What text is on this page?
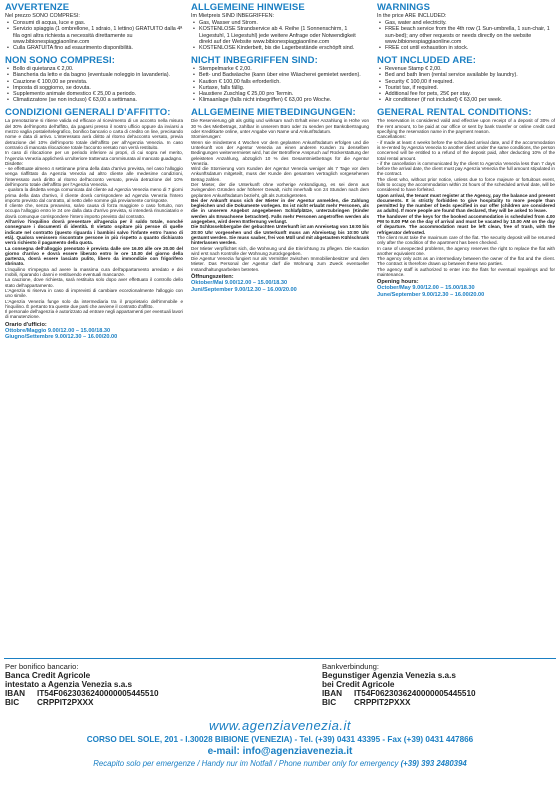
AVVERTENZE
Nel prezzo SONO COMPRESI:
• Consumi di acqua, luce e gas.
• Servizio spiaggia (1 ombrellone, 1 sdraio, 1 lettino) GRATUITO dalla 4ª fila ogni altra richiesta a necessità direttamente su www.bibionespiaggiaonline.com
• Culla GRATUITA fino ad esaurimento disponibilità.
NON SONO COMPRESI:
• Bollo di quietanza € 2,00.
• Biancheria da letto e da bagno (eventuale noleggio in lavanderia).
• Cauzione € 100,00 se prevista.
• Imposta di soggiorno, se dovuta.
• Supplemento animale domestico € 25,00 a periodo.
• Climatizzatore (se non incluso) € 63,00 a settimana.
CONDIZIONI GENERALI D'AFFITTO:

La prenotazione si ritiene valida ed efficace al ricevimento di un acconto nella misura del 30% dell'importo dell'affitto, da pagarsi presso il nostro ufficio oppure da inviarsi a mezzo vaglia postale/telegrafico, bonifico bancario o carta di credito on line, precisando nome e data di arrivo. L'interessato avrà diritto al ritorno del'acconto versato, previa detrazione del 10% dell'importo totale dell'affitto per all'Agenzia Venezia. In caso contrario di mancata rilocazione totale l'acconto versato non verrà restituito.

In caso di rilocazione per un periodo inferiore ai propri, di cui sopra nel merito, l'Agenzia Venezia applicherà un'ulteriore trattenuta commisurata al mancato guadagno.

Disdette:

- se effettuate almeno 4 settimane prima della data d'arrivo prevista, nel caso l'alloggio venga riaffittato da Agenzia Venezia ad altro cliente alle medesime condizioni, l'interessato avrà diritto al ritorno dell'acconto versato, previa detrazione del 10% dell'importo totale dell'affitto per l'Agenzia Venezia.

- qualora la disdetta venga comunicata dal cliente ad Agenzia Venezia meno di 7 giorni prima della data d'arrivo, il cliente dovrà corrispondere ad Agenzia Venezia l'intero importo previsto dal contratto, al netto delle somme già previamente corrisposte.

Il cliente che, senza preavviso, salvo causa di forza maggiore o caso fortuito, non occupa l'alloggio entro le 24 ore dalla data d'arrivo prevista, si intenderà rinunciatario e dovrà comunque corrispondere l'intero importo previsto dal contratto.

All'arrivo l'inquilino dovrà presentare all'agenzia per il saldo totale, nonché consegnare i documenti di identità. È vietato ospitare più persoe di quelle indicate nel contratto (questo riguarda i bambini salvo l'infante entro l'anno di età). Qualora venissero riscontrate persone in più rispetto a quanto dichiarato verrà richiesto il pagamento della quota.

La consegna dell'alloggio prenotato è prevista dalle ore 16.00 alle ore 20.00 del giorno d'arrivo e dovrà essere liberato entro le ore 10.00 del giorno della partenza, dovrà essere lasciato pulito, libero da immondizie con frigorifero sbrinato.

L'inquilino s'impegna ad avere la massima cura dell'appartamento arredato e dei mobili, riparando i danni e restituendo eventuali mancanze.

La cauzione, dove richiesta, sarà restituita solo dopo aver effettuato il controllo dello stato dell'appartamento.

L'Agenzia si riserva in caso di imprevisti di cambiare eccezionalmente l'alloggio con uno simile.

L'Agenzia Venezia funge solo da intermediaria tra il proprietario dell'immobile e l'inquilino. È pertanto tra queste due parti che avviene il contratto d'affitto.

Il personale dell'agenzia è autorizzato ad entrare negli appartamenti per eventuali lavori di manutenzione.

Orario d'ufficio:
Ottobre/Maggio 9.00/12.00 – 15.00/18.30
Giugno/Settembre 9.00/12.30 – 16.00/20.00
ALLGEMEINE HINWEISE
Im Mietpreis SIND INBEGRIFFEN:
• Gas, Wasser und Strom.
• KOSTENLOSE Strandservice ab 4. Reihe (1 Sonnenschirm, 1 Liegestuhl, 1 Liegestuhl) jede weitere Anfrage oder Notwendigkeit direkt auf der Website www.bibionespiaggiaonline.com
• KOSTENLOSE Kinderbett, bis die Lagerbestände erschöpft sind.
NICHT INBEGRIFFEN SIND:
• Stempelmarke € 2,00.
• Bett- und Badwäsche (kann über eine Wäscherei gemietet werden).
• Kaution € 100,00 falls erforderlich.
• Kurtaxe, falls fällig.
• Haustiere Zuschlag € 25,00 pro Termin.
• Klimaanlage (falls nicht inbegriffen) € 63,00 pro Woche.
ALLGEMEINE MIETBEDINGUNGEN:

Die Reservierung gilt als gültig und wirksam nach Erhalt einer Anzahlung in Höhe von 30 % des Mietbetrags, zahlbar in unserem Büro oder zu senden per Bankübertragung oder Kreditkarte online, unter Angabe von Name und Ankunftsdatum.

Stornierungen:

Wenn sie mindestens 4 Wochen vor dem geplanten Ankunftsdatum erfolgen und die Unterkunft von der Agentur Venezia an einen anderen Kunden zu denselben Bedingungen weitervermietet wird, hat der Betroffene Anspruch auf Rückerstattung der geleisteten Anzahlung, abzüglich 10 % des Gesamtmietbetrags für die Agentur Venezia.

Wird die Stornierung vom Kunden der Agentur Venezia weniger als 7 Tage vor dem Ankunftsdatum mitgeteilt, muss der Kunde den gesamten vertraglich vorgesehenen Betrag zahlen.

Der Mieter, der die Unterkunft ohne vorherige Ankündigung, es sei denn aus zwingenden Gründen oder höherer Gewalt, nicht innerhalb von 24 Stunden nach dem geplanten Ankunftsdatum bezieht, gilt als zurückgetreten.

Bei der Ankunft muss sich der Mieter in der Agentur anmelden, die Zahlung begleichen und die Dokumente vorlegen. Es ist nicht erlaubt mehr Personen, als die in unserem Angebot angegebenen Schlafplätze, unterzubringen (Kinder werden als Erwachsene betrachtet). Falls mehr Personen angetroffen werden als angegeben, wird deren Entfernung verlangt.

Die Schlüsselübergabe der gebuchten Unterkunft ist am Anreisetag von 16:00 bis 20:00 Uhr vorgesehen und die Unterkunft muss am Abreisetag bis 10:00 Uhr geräumt werden. Sie muss sauber, frei von Müll und mit abgetautem Kühlschrank hinterlassen werden.

Der Mieter verpflichtet sich, die Wohnung und die Einrichtung zu pflegen. Die Kaution wird erst nach Kontrolle der Wohnung zurückgegeben.

Die Agentur Venezia fungiert nur als Vermittler zwischen Immobilienbesitzer und dem Mieter. Das Personal der Agentur darf die Wohnung zum Zweck eventueller Instandhaltungsarbeiten betreten.

Öffnungszeiten:
Oktober/Mai 9.00/12.00 – 15.00/18.30
Juni/September 9.00/12.30 – 16.00/20.00
WARNINGS
In the price ARE INCLUDED:
• Gas, water and electricity.
• FREE beach service from the 4th row (1 Sun-umbrella, 1 sun-chair, 1 sun-bed); any other requests or needs directly on the website www.bibionespiaggiaonline.com
• FREE cot until exhaustion in stock.
NOT INCLUDED ARE:
• Revenue Stamp € 2,00.
• Bed and bath linen (rental service available by laundry).
• Security € 100,00 if required.
• Tourist tax, if required.
• Additional fee for pets, 25€ per stay.
• Air conditioner (if not included) € 63,00 per week.
GENERAL RENTAL CONDITIONS:

The reservation is considered valid and effective upon receipt of a deposit of 30% of the rent amount, to be paid at our office or sent by bank transfer or online credit card specifying the reservation name in the payment reason.

Cancellations:

- if made at least 4 weeks before the scheduled arrival date, and if the accommodation is re-rented by Agenzia Venezia to another client under the same conditions, the person concerned will be entitled to a refund of the deposit paid, after deducting 10% of the total rental amount.

- if the cancellation is communicated by the client to Agenzia Venezia less than 7 days before the arrival date, the client must pay Agenzia Venezia the full amount stipulated in the contract.

The client who, without prior notice, unless due to force majeure or fortuitous event, fails to occupy the accommodation within 24 hours of the scheduled arrival date, will be considered to have forfeited.

Upon arrival, the tenant must register at the Agency, pay the balance and present documents. It is strictly forbidden to give hospitality to more people than permitted by the number of beds specified in our offer (children are considered as adults). If more people are found than declared, they will be asked to leave.

The handover of the keys for the booked accommodation is scheduled from 4.00 PM to 8.00 PM on the day of arrival and must be vacated by 10.00 AM on the day of departure. The accommodation must be left clean, free of trash, with the refrigerator defrosted.

The client must take the maximum care of the flat. The security deposit will be returned only after the condition of the apartment has been checked.

In case of unexpected problems, the agency reserves the right to replace the flat with another equivalent one.

The agency only acts as an intermediary between the owner of the flat and the client. The contract is therefore drawn up between these two parties.

The agency staff is authorized to enter into the flats for eventual repairings and for maintenance.

Opening hours:
October/May 9.00/12.00 – 15.00/18.30
June/September 9.00/12.30 – 16.00/20.00
Per bonifico bancario:
Banca Credit Agricole
intestato a Agenzia Venezia s.a.s
IBAN	IT54F0623036240000005445510
BIC	CRPPIT2PXXX
Bankverbindung:
Begunstiger Agenzia Venezia s.a.s
bei Credit Agricole
IBAN	IT54F0623036240000005445510
BIC	CRPPIT2PXXX
www.agenziavenezia.it
CORSO DEL SOLE, 201 - I.30028 BIBIONE (VENEZIA) - Tel. (+39) 0431 43395 - Fax (+39) 0431 447866
e-mail: info@agenziavenezia.it
Recapito solo per emergenze / Handy nur im Notfall / Phone number only for emergency (+39) 393 2480394
